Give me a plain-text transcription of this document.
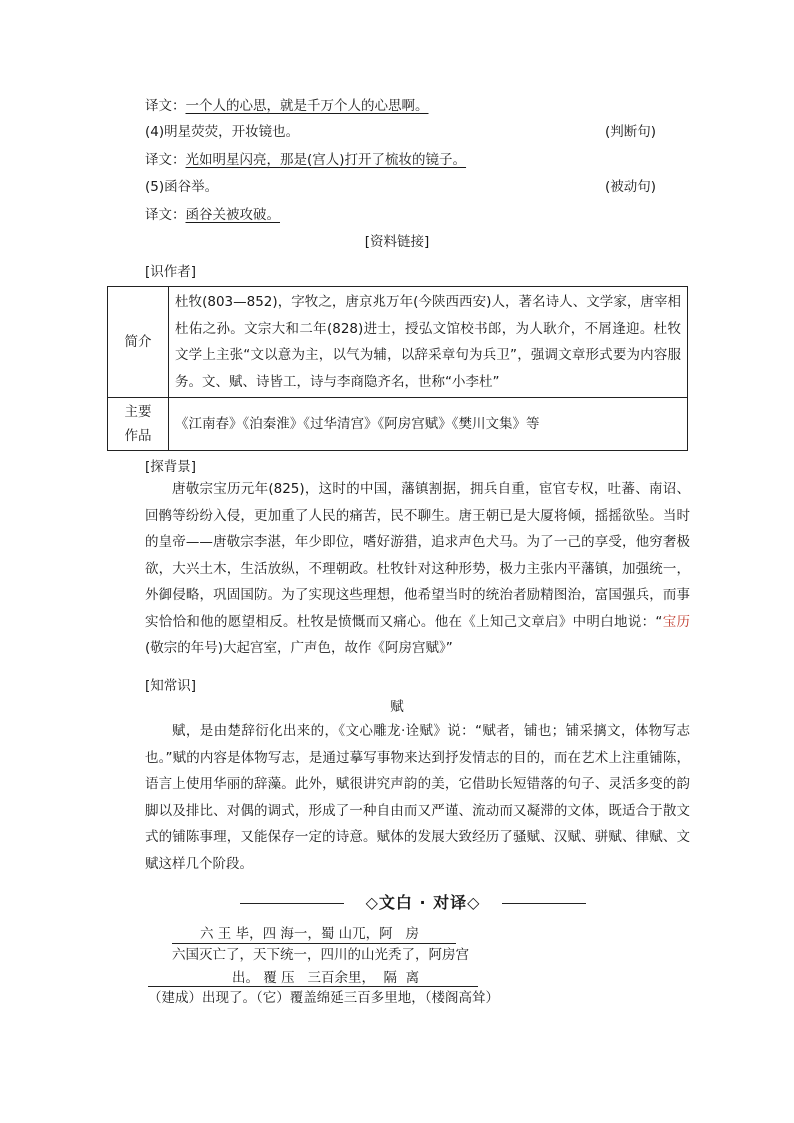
译文：一个人的心思，就是千万个人的心思啊。
(4)明星荧荧，开妆镜也。	(判断句)
译文：光如明星闪亮，那是(宫人)打开了梳妆的镜子。
(5)函谷举。	(被动句)
译文：函谷关被攻破。
[资料链接]
[识作者]
简介	杜牧(803—852)，字牧之，唐京兆万年(今陕西西安)人，著名诗人、文学家，唐宰相杜佑之孙。文宗大和二年(828)进士，授弘文馆校书郎，为人耿介，不屑逢迎。杜牧文学上主张“文以意为主，以气为辅，以辞采章句为兵卫”，强调文章形式要为内容服务。文、赋、诗皆工，诗与李商隐齐名，世称“小李杜”

主要
作品	《江南春》《泊秦淮》《过华清宫》《阿房宫赋》《樊川文集》等
[探背景]
唐敬宗宝历元年(825)，这时的中国，藩镇割据，拥兵自重，宦官专权，吐蕃、南诏、回鹘等纷纷入侵，更加重了人民的痛苦，民不聊生。唐王朝已是大厦将倾，摇摇欲坠。当时的皇帝——唐敬宗李湛，年少即位，嗜好游猎，追求声色犬马。为了一己的享受，他穷奢极欲，大兴土木，生活放纵，不理朝政。杜牧针对这种形势，极力主张内平藩镇，加强统一，外御侵略，巩固国防。为了实现这些理想，他希望当时的统治者励精图治，富国强兵，而事实恰恰和他的愿望相反。杜牧是愤慨而又痛心。他在《上知己文章启》中明白地说：“宝历(敬宗的年号)大起宫室，广声色，故作《阿房宫赋》”
[知常识]
赋
赋，是由楚辞衍化出来的，《文心雕龙·诠赋》说：“赋者，铺也；铺采摛文，体物写志也。”赋的内容是体物写志，是通过摹写事物来达到抒发情志的目的，而在艺术上注重铺陈，语言上使用华丽的辞藻。此外，赋很讲究声韵的美，它借助长短错落的句子、灵活多变的韵脚以及排比、对偶的调式，形成了一种自由而又严谨、流动而又凝滞的文体，既适合于散文式的铺陈事理，又能保存一定的诗意。赋体的发展大致经历了骚赋、汉赋、骈赋、律赋、文赋这样几个阶段。
◇文白 · 对译◇
六 王 毕，四 海一，蜀 山兀，阿   房
六国灭亡了，天下统一，四川的山光秃了，阿房宫
出。 覆 压   三百余里，  隔  离
（建成）出现了。（它）覆盖绵延三百多里地，（楼阁高耸）
